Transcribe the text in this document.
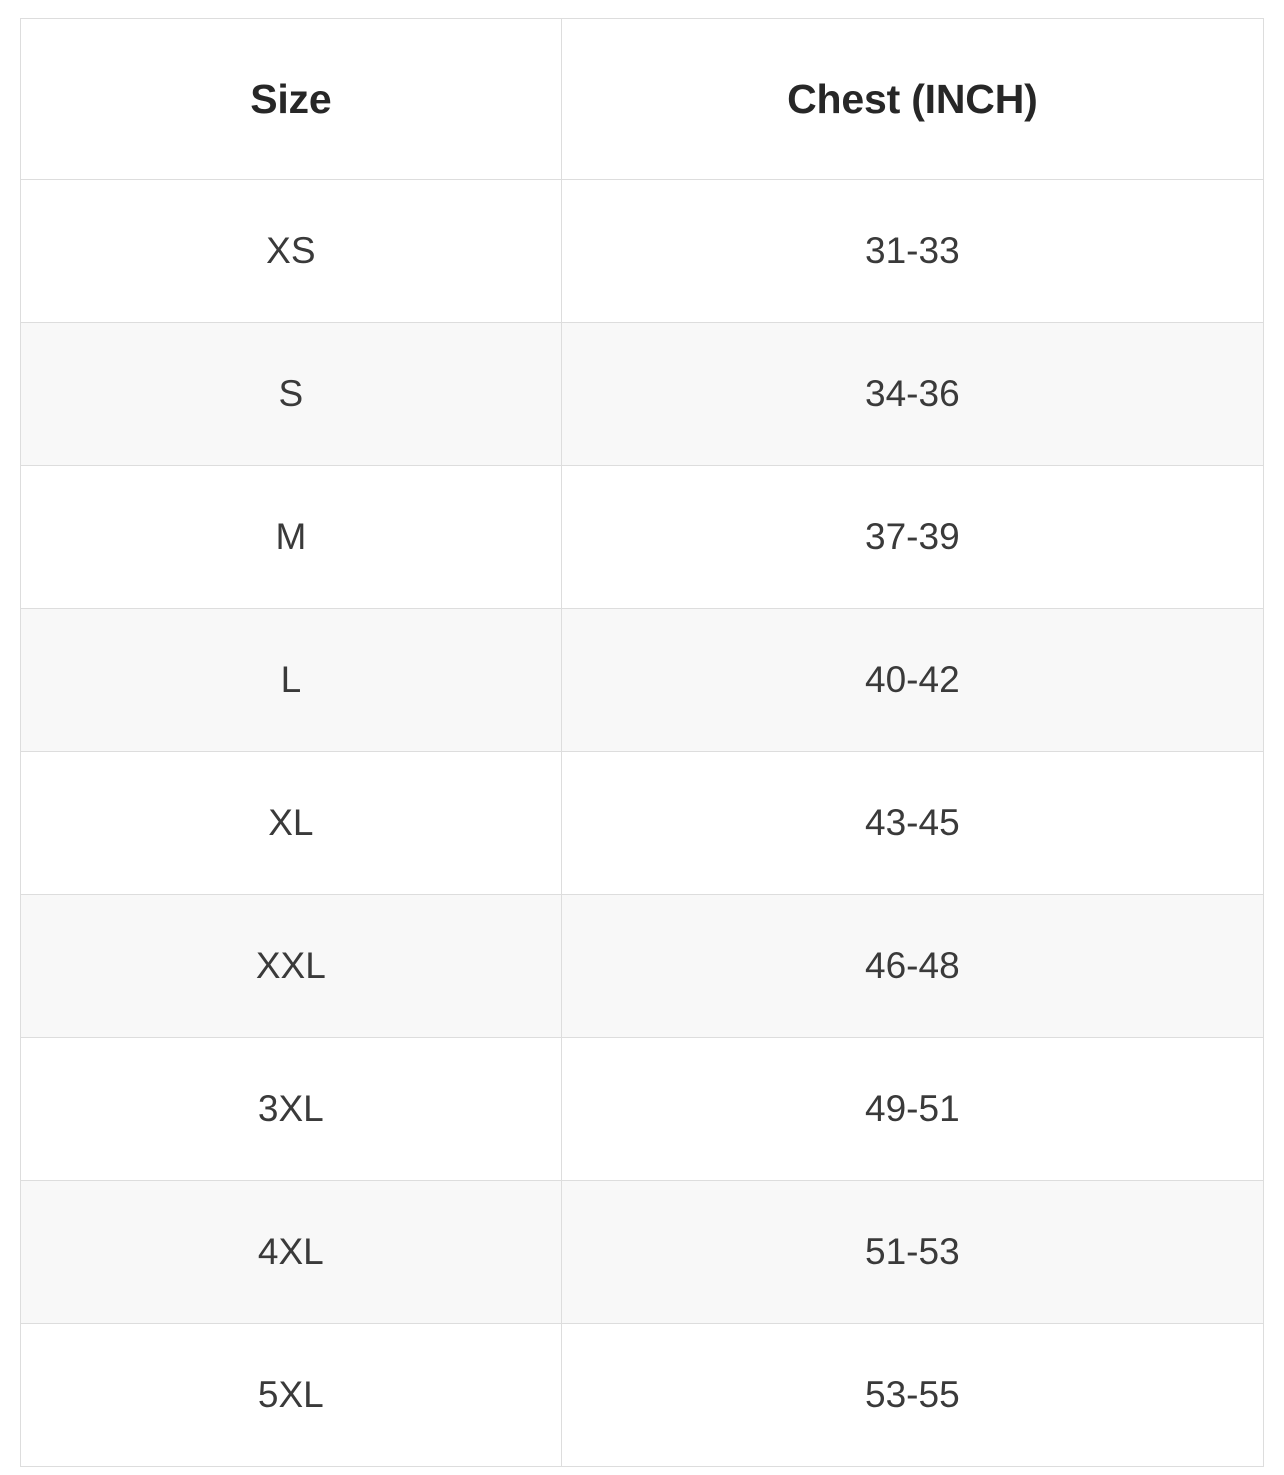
Size	Chest (INCH)
XS	31-33
S	34-36
M	37-39
L	40-42
XL	43-45
XXL	46-48
3XL	49-51
4XL	51-53
5XL	53-55
